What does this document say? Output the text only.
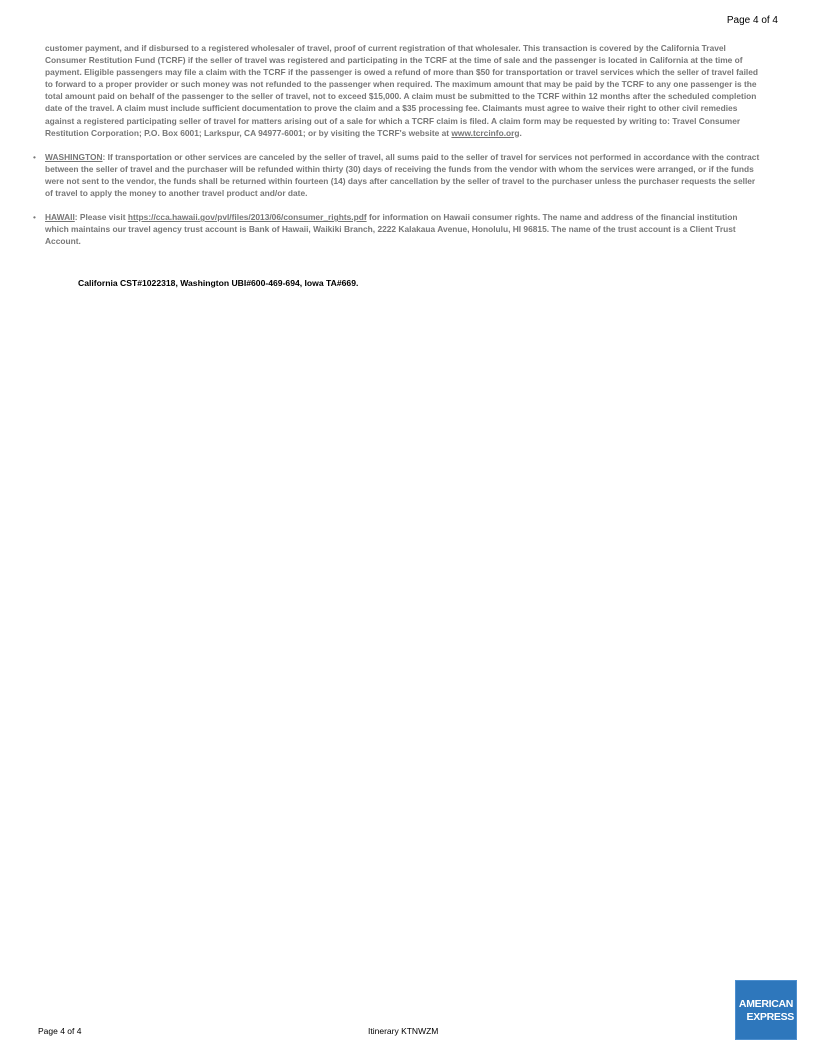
Page 4 of 4

customer payment, and if disbursed to a registered wholesaler of travel, proof of current registration of that wholesaler. This transaction is covered by the California Travel Consumer Restitution Fund (TCRF) if the seller of travel was registered and participating in the TCRF at the time of sale and the passenger is located in California at the time of payment. Eligible passengers may file a claim with the TCRF if the passenger is owed a refund of more than $50 for transportation or travel services which the seller of travel failed to forward to a proper provider or such money was not refunded to the passenger when required. The maximum amount that may be paid by the TCRF to any one passenger is the total amount paid on behalf of the passenger to the seller of travel, not to exceed $15,000. A claim must be submitted to the TCRF within 12 months after the scheduled completion date of the travel. A claim must include sufficient documentation to prove the claim and a $35 processing fee. Claimants must agree to waive their right to other civil remedies against a registered participating seller of travel for matters arising out of a sale for which a TCRF claim is filed. A claim form may be requested by writing to: Travel Consumer Restitution Corporation; P.O. Box 6001; Larkspur, CA 94977-6001; or by visiting the TCRF's website at www.tcrcinfo.org.

• WASHINGTON: If transportation or other services are canceled by the seller of travel, all sums paid to the seller of travel for services not performed in accordance with the contract between the seller of travel and the purchaser will be refunded within thirty (30) days of receiving the funds from the vendor with whom the services were arranged, or if the funds were not sent to the vendor, the funds shall be returned within fourteen (14) days after cancellation by the seller of travel to the purchaser unless the purchaser requests the seller of travel to apply the money to another travel product and/or date.
• HAWAII: Please visit https://cca.hawaii.gov/pvl/files/2013/06/consumer_rights.pdf for information on Hawaii consumer rights. The name and address of the financial institution which maintains our travel agency trust account is Bank of Hawaii, Waikiki Branch, 2222 Kalakaua Avenue, Honolulu, HI 96815. The name of the trust account is a Client Trust Account.
California CST#1022318, Washington UBI#600-469-694, Iowa TA#669.
Page 4 of 4	Itinerary KTNWZM
AMERICAN
EXPRESS
